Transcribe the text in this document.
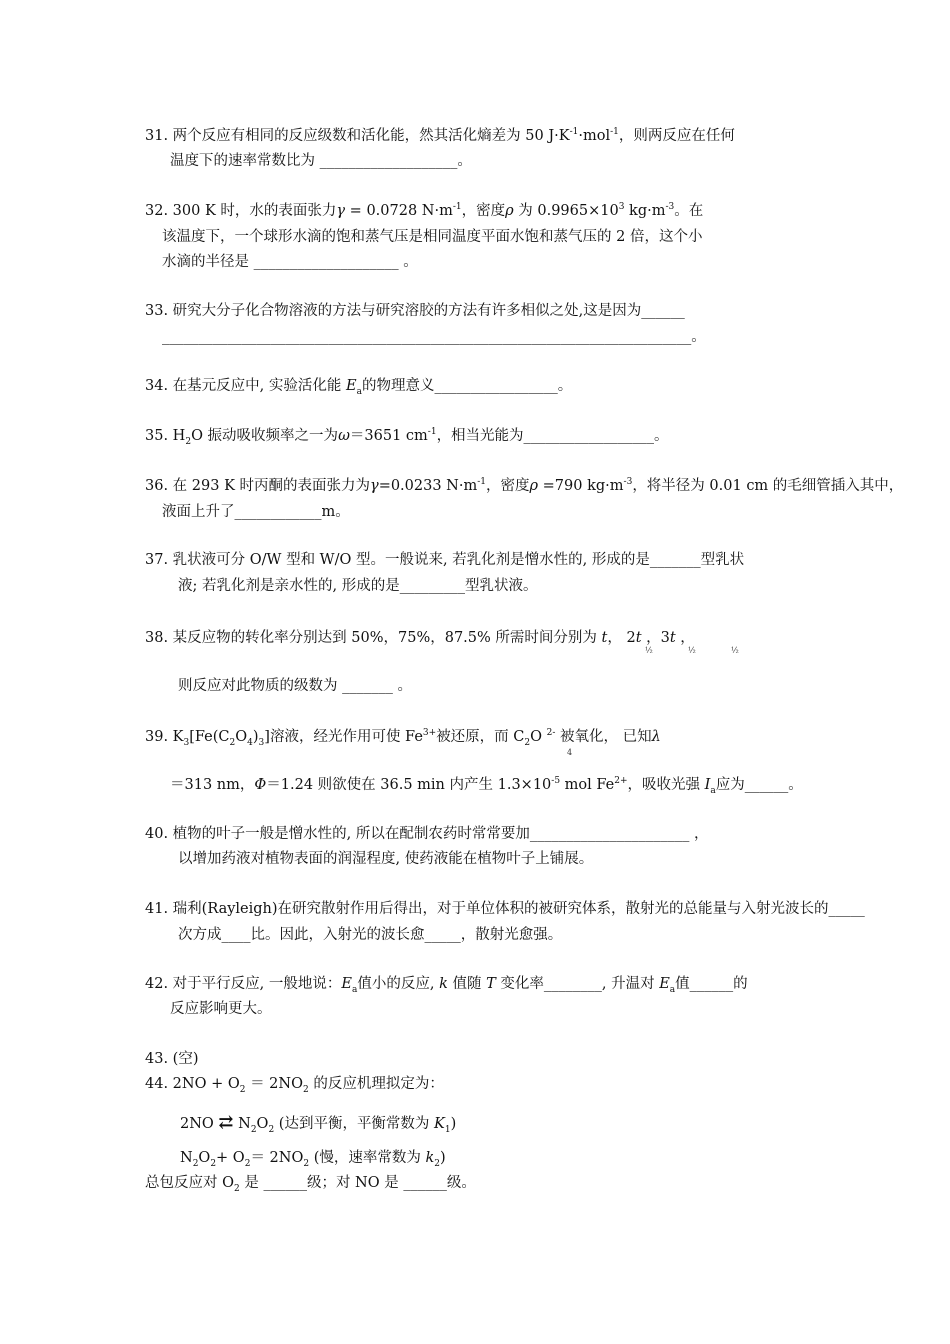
31. 两个反应有相同的反应级数和活化能，然其活化熵差为 50 $J\cdot K^{-1}\cdot mol^{-1}$，则两反应在任何
温度下的速率常数比为 ___________________。
32. 300 K 时，水的表面张力γ = 0.0728 $N\cdot m^{-1}$，密度ρ 为 $0.9965\times 10^3$ $kg\cdot m^{-3}$。在
该温度下，一个球形水滴的饱和蒸气压是相同温度平面水饱和蒸气压的 2 倍，这个小
水滴的半径是 ____________________ 。
33. 研究大分子化合物溶液的方法与研究溶胶的方法有许多相似之处,这是因为______
_________________________________________________________________________。
34. 在基元反应中, 实验活化能 $E_a$的物理意义_________________。
35. $H_2O$ 振动吸收频率之一为ω＝3651 $cm^{-1}$，相当光能为__________________。
36. 在 293 K 时丙酮的表面张力为γ=0.0233 $N\cdot m^{-1}$，密度ρ =790 $kg\cdot m^{-3}$，将半径为 0.01 cm 的毛细管插入其中，
液面上升了____________m。
37. 乳状液可分 O/W 型和 W/O 型。一般说来, 若乳化剂是憎水性的, 形成的是_______型乳状
液; 若乳化剂是亲水性的, 形成的是_________型乳状液。
38. 某反应物的转化率分别达到 50%，75%，87.5% 所需时间分别为 t， 2t ，3t ，
½	½	½
则反应对此物质的级数为 _______ 。
39. $K_3[Fe(C_2O_4)_3]$溶液，经光作用可使 $Fe^{3+}$被还原，而 $C_2O$ $^{2-}$ 被氧化， 已知λ
4
＝313 nm，Φ＝1.24 则欲使在 36.5 min 内产生 $1.3\times 10^{-5}$ mol $Fe^{2+}$，吸收光强 $I_a$应为______。
40. 植物的叶子一般是憎水性的, 所以在配制农药时常常要加______________________ ，
以增加药液对植物表面的润湿程度, 使药液能在植物叶子上铺展。
41. 瑞利(Rayleigh)在研究散射作用后得出，对于单位体积的被研究体系，散射光的总能量与入射光波长的_____
次方成____比。因此，入射光的波长愈_____，散射光愈强。
42. 对于平行反应, 一般地说：$E_a$值小的反应, k 值随 T 变化率________, 升温对 $E_a$值______的
反应影响更大。
43. (空)
44. $2NO + O_2 = 2NO_2$ 的反应机理拟定为：
2NO ⇄ $N_2O_2$ (达到平衡，平衡常数为 $K_1$)
$N_2O_2+ O_2= 2NO_2$ (慢，速率常数为 $k_2$)
总包反应对 $O_2$ 是 ______级；对 NO 是 ______级。
